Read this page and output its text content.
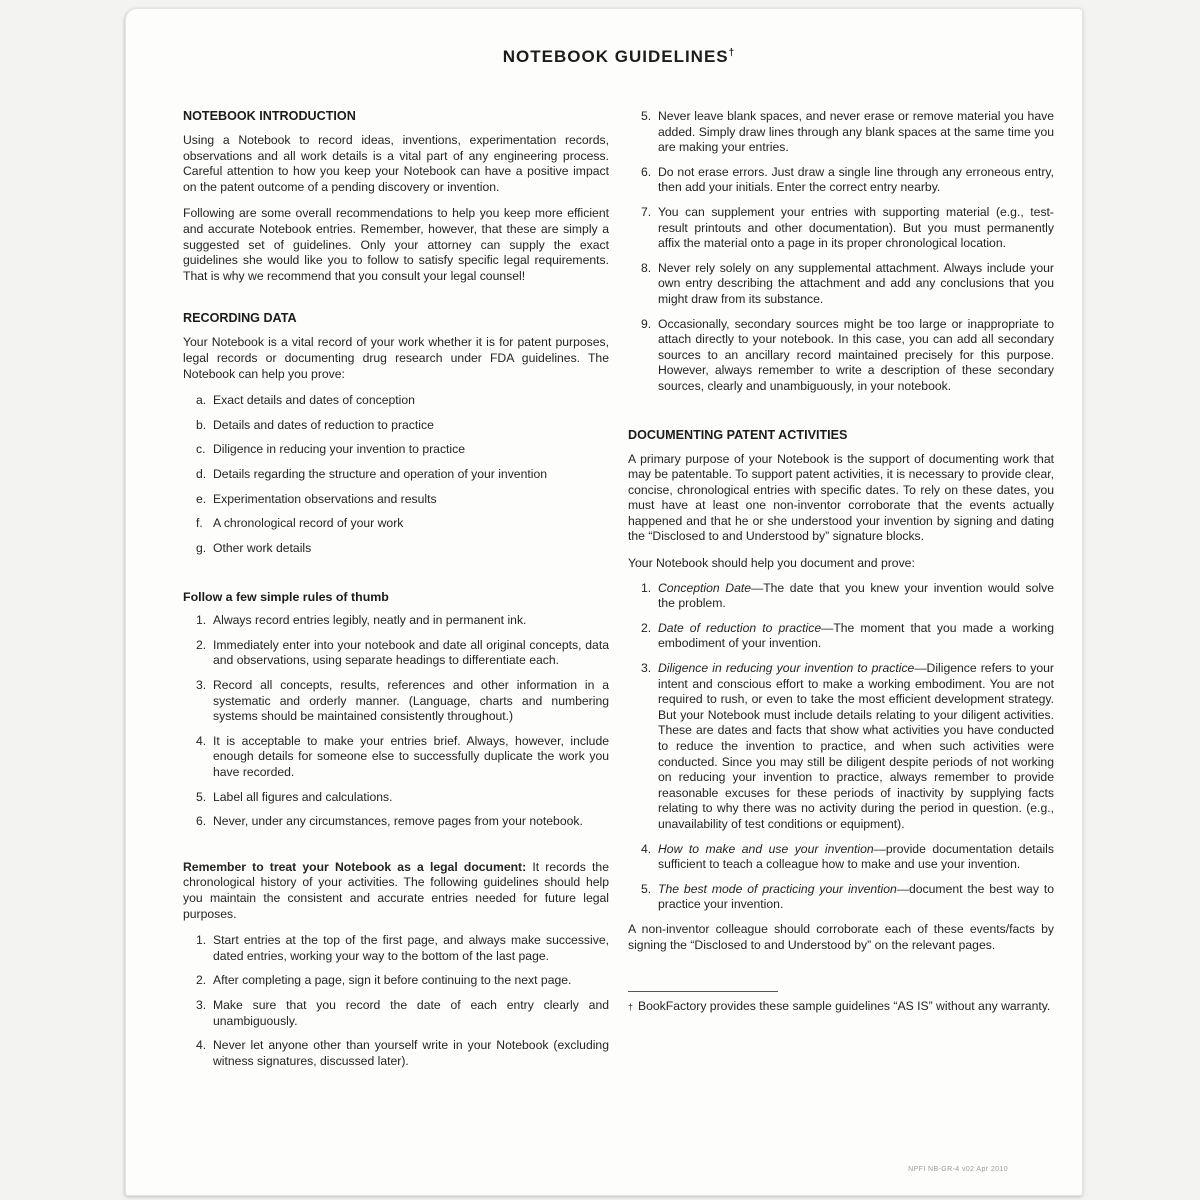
NOTEBOOK GUIDELINES†
NOTEBOOK INTRODUCTION

Using a Notebook to record ideas, inventions, experimentation records, observations and all work details is a vital part of any engineering process. Careful attention to how you keep your Notebook can have a positive impact on the patent outcome of a pending discovery or invention.

Following are some overall recommendations to help you keep more efficient and accurate Notebook entries. Remember, however, that these are simply a suggested set of guidelines. Only your attorney can supply the exact guidelines she would like you to follow to satisfy specific legal requirements. That is why we recommend that you consult your legal counsel!

RECORDING DATA

Your Notebook is a vital record of your work whether it is for patent purposes, legal records or documenting drug research under FDA guidelines. The Notebook can help you prove:

a. Exact details and dates of conception

b. Details and dates of reduction to practice

c. Diligence in reducing your invention to practice

d. Details regarding the structure and operation of your invention

e. Experimentation observations and results

f. A chronological record of your work

g. Other work details

Follow a few simple rules of thumb
1. Always record entries legibly, neatly and in permanent ink.

2. Immediately enter into your notebook and date all original concepts, data and observations, using separate headings to differentiate each.

3. Record all concepts, results, references and other information in a systematic and orderly manner. (Language, charts and numbering systems should be maintained consistently throughout.)

4. It is acceptable to make your entries brief. Always, however, include enough details for someone else to successfully duplicate the work you have recorded.

5. Label all figures and calculations.

6. Never, under any circumstances, remove pages from your notebook.

Remember to treat your Notebook as a legal document: It records the chronological history of your activities. The following guidelines should help you maintain the consistent and accurate entries needed for future legal purposes.

1. Start entries at the top of the first page, and always make successive, dated entries, working your way to the bottom of the last page.

2. After completing a page, sign it before continuing to the next page.

3. Make sure that you record the date of each entry clearly and unambiguously.

4. Never let anyone other than yourself write in your Notebook (excluding witness signatures, discussed later).

5. Never leave blank spaces, and never erase or remove material you have added. Simply draw lines through any blank spaces at the same time you are making your entries.

6. Do not erase errors. Just draw a single line through any erroneous entry, then add your initials. Enter the correct entry nearby.

7. You can supplement your entries with supporting material (e.g., test-result printouts and other documentation). But you must permanently affix the material onto a page in its proper chronological location.

8. Never rely solely on any supplemental attachment. Always include your own entry describing the attachment and add any conclusions that you might draw from its substance.

9. Occasionally, secondary sources might be too large or inappropriate to attach directly to your notebook. In this case, you can add all secondary sources to an ancillary record maintained precisely for this purpose. However, always remember to write a description of these secondary sources, clearly and unambiguously, in your notebook.

DOCUMENTING PATENT ACTIVITIES

A primary purpose of your Notebook is the support of documenting work that may be patentable. To support patent activities, it is necessary to provide clear, concise, chronological entries with specific dates. To rely on these dates, you must have at least one non-inventor corroborate that the events actually happened and that he or she understood your invention by signing and dating the “Disclosed to and Understood by” signature blocks.

Your Notebook should help you document and prove:

1. Conception Date—The date that you knew your invention would solve the problem.

2. Date of reduction to practice—The moment that you made a working embodiment of your invention.

3. Diligence in reducing your invention to practice—Diligence refers to your intent and conscious effort to make a working embodiment. You are not required to rush, or even to take the most efficient development strategy. But your Notebook must include details relating to your diligent activities. These are dates and facts that show what activities you have conducted to reduce the invention to practice, and when such activities were conducted. Since you may still be diligent despite periods of not working on reducing your invention to practice, always remember to provide reasonable excuses for these periods of inactivity by supplying facts relating to why there was no activity during the period in question. (e.g., unavailability of test conditions or equipment).

4. How to make and use your invention—provide documentation details sufficient to teach a colleague how to make and use your invention.

5. The best mode of practicing your invention—document the best way to practice your invention.

A non-inventor colleague should corroborate each of these events/facts by signing the “Disclosed to and Understood by” on the relevant pages.

† BookFactory provides these sample guidelines “AS IS” without any warranty.

NPFI NB-GR-4 v02 Apr 2010
